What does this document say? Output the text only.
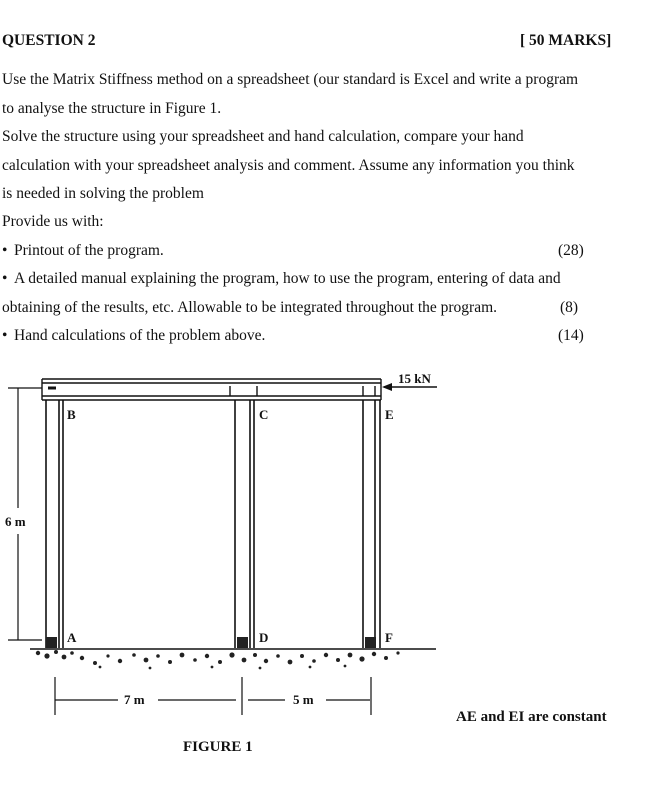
QUESTION 2	[ 50 MARKS]
Use the Matrix Stiffness method on a spreadsheet (our standard is Excel and write a program
to analyse the structure in Figure 1.
Solve the structure using your spreadsheet and hand calculation, compare your hand
calculation with your spreadsheet analysis and comment. Assume any information you think
is needed in solving the problem
Provide us with:
• Printout of the program.	(28)
• A detailed manual explaining the program, how to use the program, entering of data and
obtaining of the results, etc. Allowable to be integrated throughout the program.	(8)
• Hand calculations of the problem above.	(14)
15 kN
6 m
7 m	5 m
B	C	E
A	D	F
AE and EI are constant
FIGURE 1
